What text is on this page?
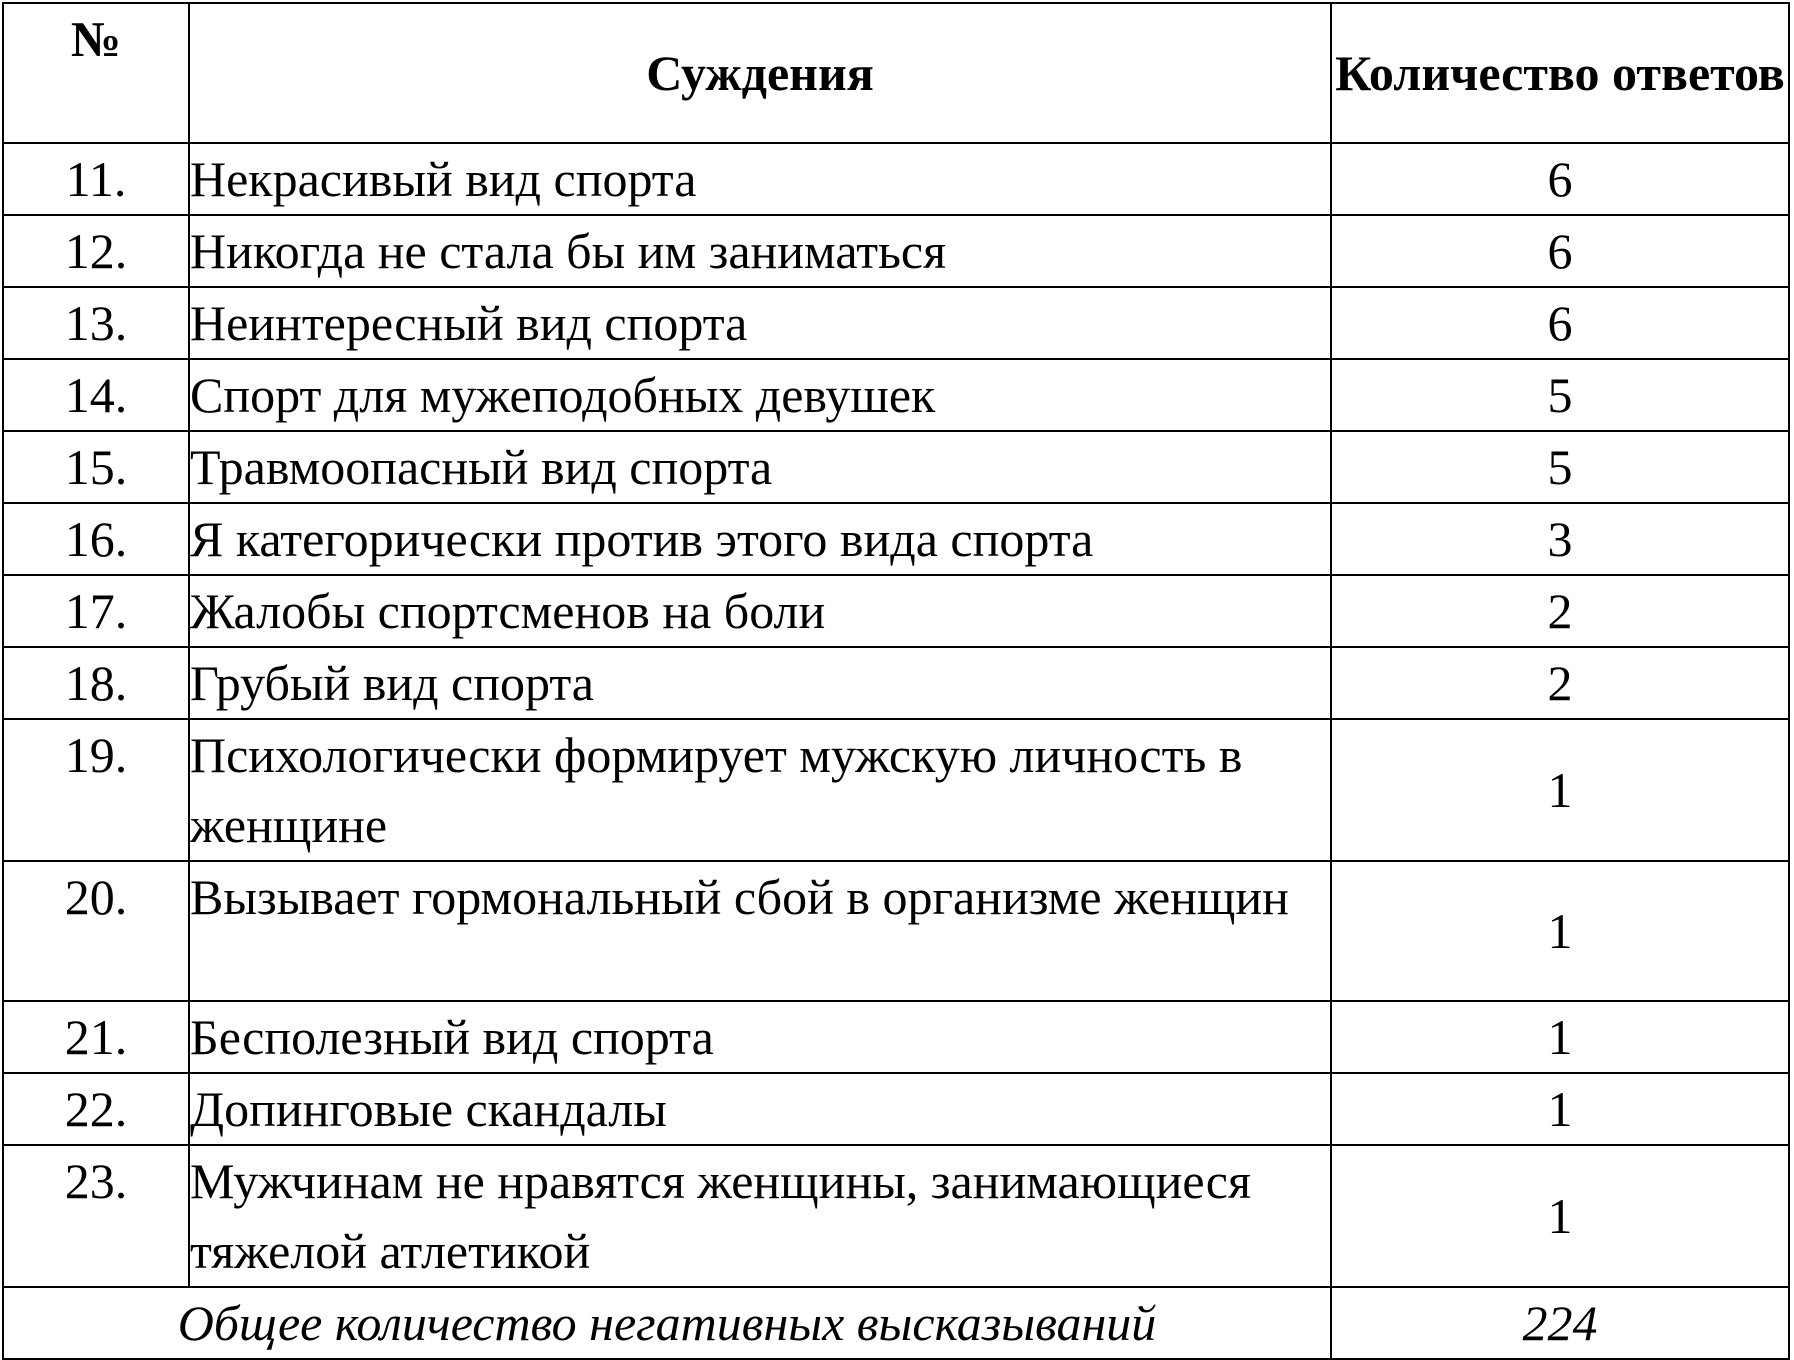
№	Суждения	Количество ответов
11.	Некрасивый вид спорта	6
12.	Никогда не стала бы им заниматься	6
13.	Неинтересный вид спорта	6
14.	Спорт для мужеподобных девушек	5
15.	Травмоопасный вид спорта	5
16.	Я категорически против этого вида спорта	3
17.	Жалобы спортсменов на боли	2
18.	Грубый вид спорта	2
19.	Психологически формирует мужскую личность в женщине	1
20.	Вызывает гормональный сбой в организме женщин	1
21.	Бесполезный вид спорта	1
22.	Допинговые скандалы	1
23.	Мужчинам не нравятся женщины, занимающиеся тяжелой атлетикой	1
Общее количество негативных высказываний		224
